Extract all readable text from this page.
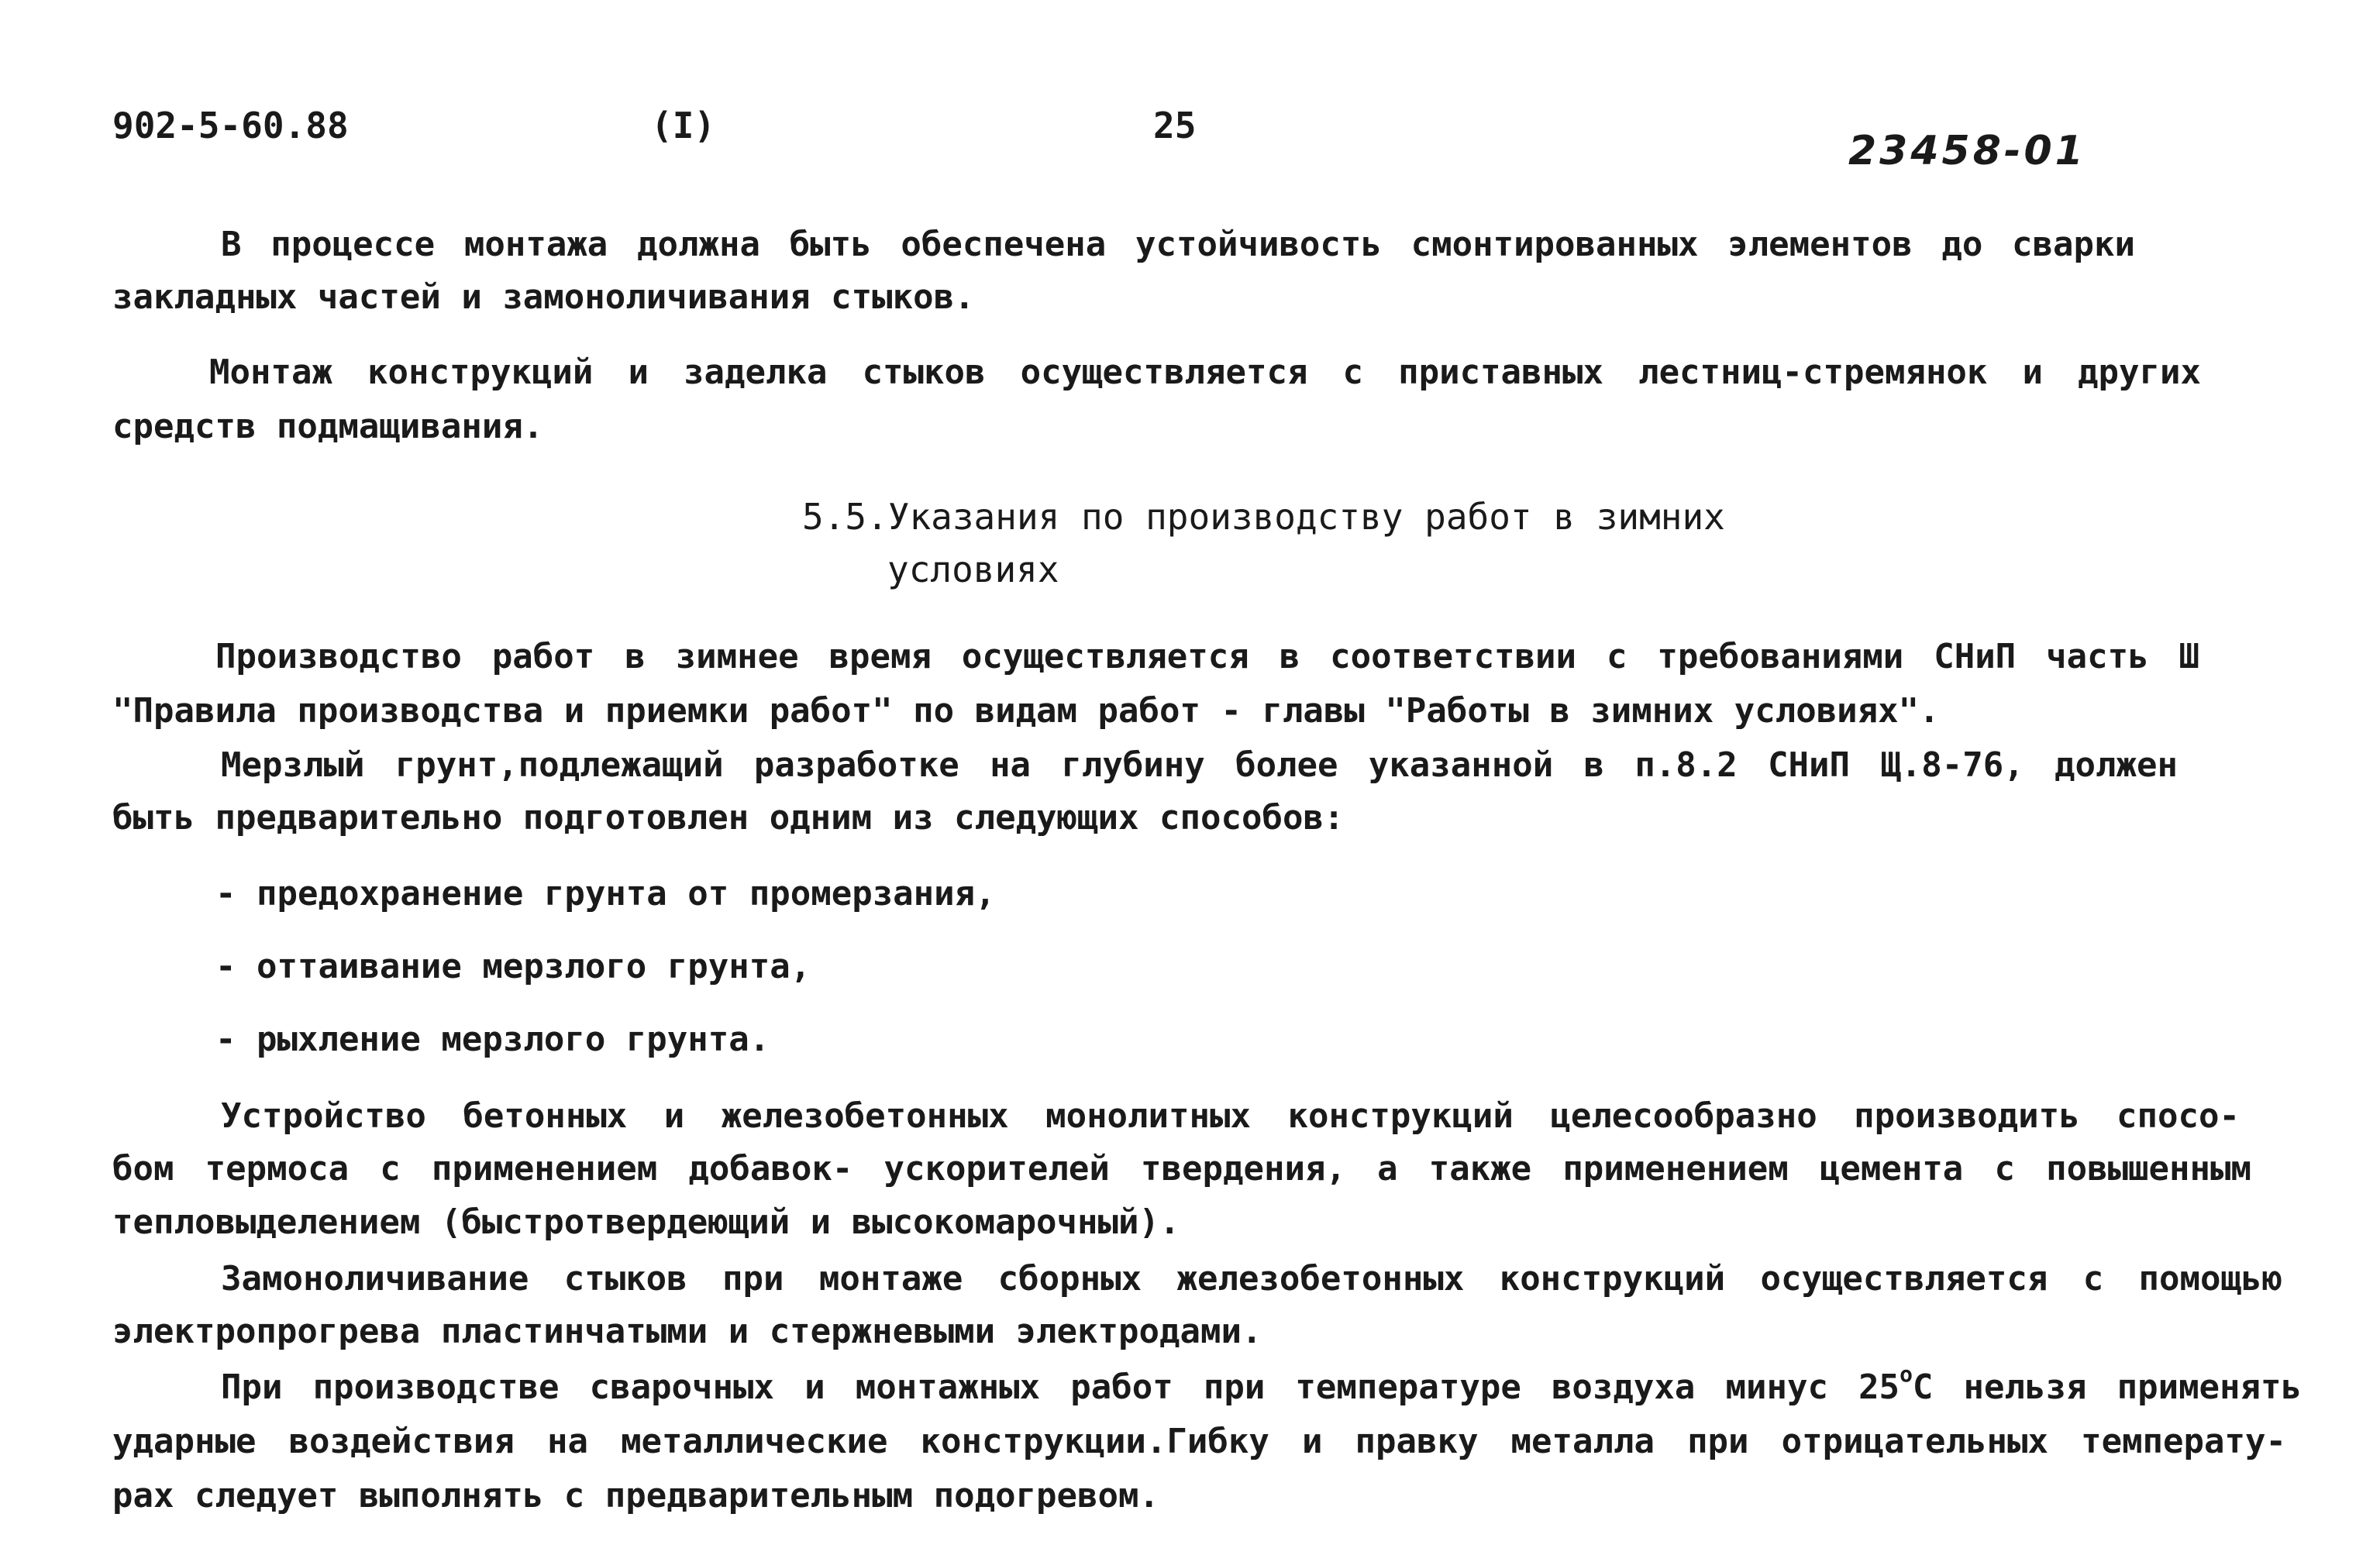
902-5-60.88	(I)	25
23458-01
В процессе монтажа должна быть обеспечена устойчивость смонтированных элементов до сварки
закладных частей и замоноличивания стыков.
Монтаж конструкций и заделка стыков осуществляется с приставных лестниц-стремянок и других
средств подмащивания.
5.5.Указания по производству работ в зимних
условиях
Производство работ в зимнее время осуществляется в соответствии с требованиями СНиП часть Ш
"Правила производства и приемки работ" по видам работ - главы "Работы в зимних условиях".
Мерзлый грунт,подлежащий разработке на глубину более указанной в п.8.2 СНиП Щ.8-76, должен
быть предварительно подготовлен одним из следующих способов:
- предохранение грунта от промерзания,
- оттаивание мерзлого грунта,
- рыхление мерзлого грунта.
Устройство бетонных и железобетонных монолитных конструкций целесообразно производить спосо-
бом термоса с применением добавок- ускорителей твердения, а также применением цемента с повышенным
тепловыделением (быстротвердеющий и высокомарочный).
Замоноличивание стыков при монтаже сборных железобетонных конструкций осуществляется с помощью
электропрогрева пластинчатыми и стержневыми электродами.
При производстве сварочных и монтажных работ при температуре воздуха минус $25^оС$ нельзя применять
ударные воздействия на металлические конструкции.Гибку и правку металла при отрицательных температу-
рах следует выполнять с предварительным подогревом.
